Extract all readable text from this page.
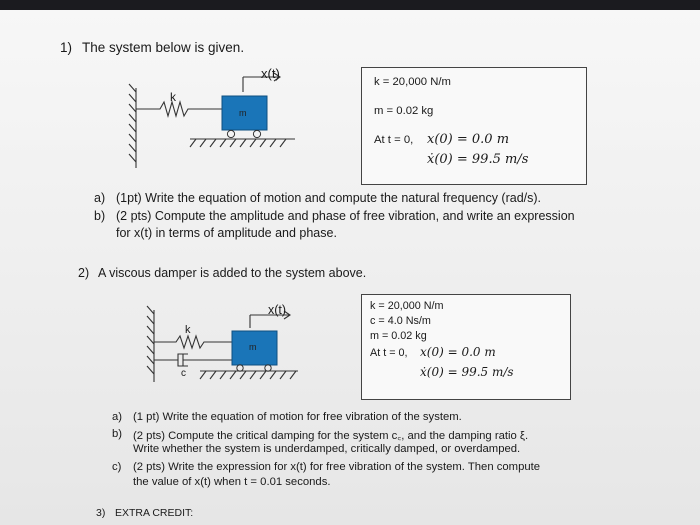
1) The system below is given.
x(t)
k
m
k = 20,000 N/m
m = 0.02 kg
At t = 0, x(0) = 0.0 m
ẋ(0) = 99.5 m/s
a) (1pt) Write the equation of motion and compute the natural frequency (rad/s).
b) (2 pts) Compute the amplitude and phase of free vibration, and write an expression
for x(t) in terms of amplitude and phase.
2) A viscous damper is added to the system above.
x(t)
k
m
c
k = 20,000 N/m
c = 4.0 Ns/m
m = 0.02 kg
At t = 0, x(0) = 0.0 m
ẋ(0) = 99.5 m/s
a) (1 pt) Write the equation of motion for free vibration of the system.
b) (2 pts) Compute the critical damping for the system c꜀, and the damping ratio ξ.
Write whether the system is underdamped, critically damped, or overdamped.
c) (2 pts) Write the expression for x(t) for free vibration of the system. Then compute
the value of x(t) when t = 0.01 seconds.
3) EXTRA CREDIT:
